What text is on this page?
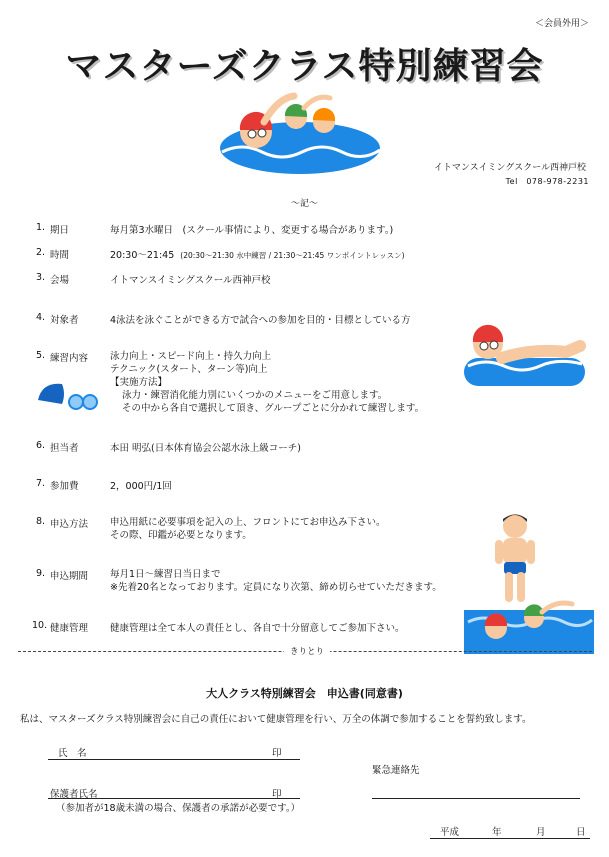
＜会員外用＞
マスターズクラス特別練習会
イトマンスイミングスクール西神戸校
Tel　078-978-2231
～記～
1. 期日	毎月第3水曜日　(スクール事情により、変更する場合があります。)
2. 時間	20:30～21:45 (20:30～21:30 水中練習 / 21:30～21:45 ワンポイントレッスン)
3. 会場	イトマンスイミングスクール西神戸校
4. 対象者	4泳法を泳ぐことができる方で試合への参加を目的・目標としている方
5. 練習内容 泳力向上・スピード向上・持久力向上
テクニック(スタート、ターン等)向上
【実施方法】
泳力・練習消化能力別にいくつかのメニューをご用意します。
その中から各自で選択して頂き、グループごとに分かれて練習します。
6. 担当者	本田 明弘(日本体育協会公認水泳上級コーチ)
7. 参加費	2，000円/1回
8. 申込方法 申込用紙に必要事項を記入の上、フロントにてお申込み下さい。
その際、印鑑が必要となります。
9. 申込期間 毎月1日～練習日当日まで
※先着20名となっております。定員になり次第、締め切らせていただきます。
10. 健康管理 健康管理は全て本人の責任とし、各自で十分留意してご参加下さい。
きりとり
大人クラス特別練習会　申込書(同意書)
私は、マスターズクラス特別練習会に自己の責任において健康管理を行い、万全の体調で参加することを誓約致します。
氏　名	印
緊急連絡先
保護者氏名	印
（参加者が18歳未満の場合、保護者の承諾が必要です。）
平成	年	月	日
